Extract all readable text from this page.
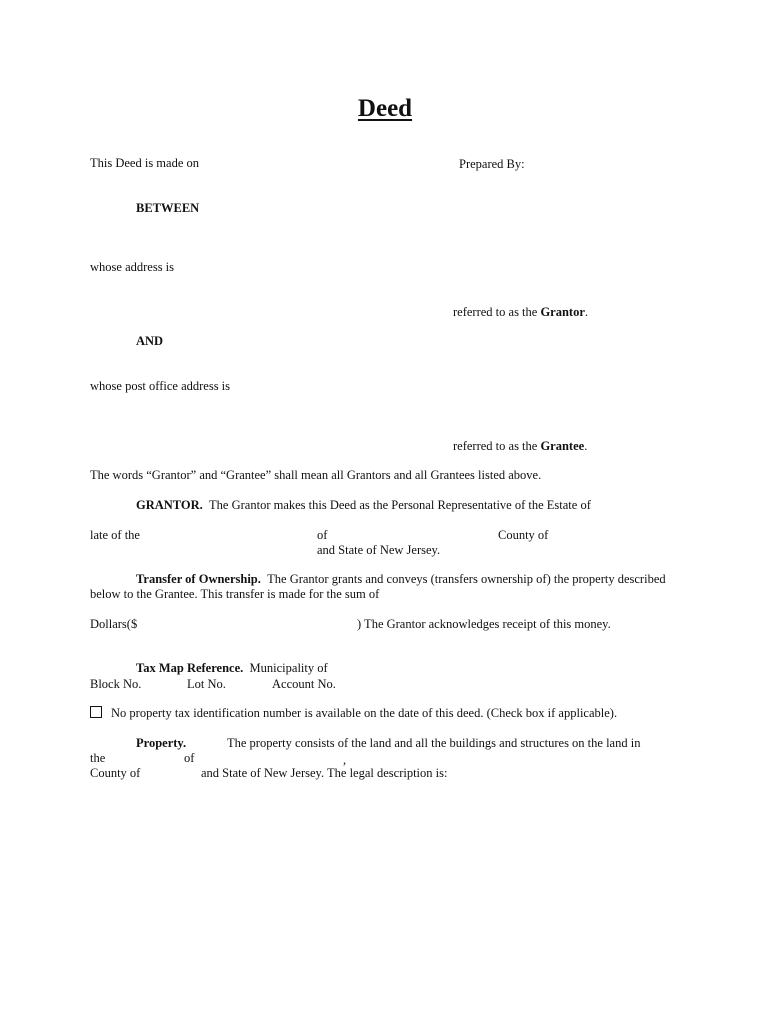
Deed
This Deed is made on	Prepared By:
BETWEEN
whose address is
referred to as the Grantor.
AND
whose post office address is
referred to as the Grantee.
The words “Grantor” and “Grantee” shall mean all Grantors and all Grantees listed above.
GRANTOR. The Grantor makes this Deed as the Personal Representative of the Estate of
late of the	of	County of
and State of New Jersey.
Transfer of Ownership. The Grantor grants and conveys (transfers ownership of) the property described
below to the Grantee. This transfer is made for the sum of
Dollars($	) The Grantor acknowledges receipt of this money.
Tax Map Reference. Municipality of
Block No.	Lot No.	Account No.
No property tax identification number is available on the date of this deed. (Check box if applicable).
Property.	The property consists of the land and all the buildings and structures on the land in
the	of	,
County of	and State of New Jersey. The legal description is:
